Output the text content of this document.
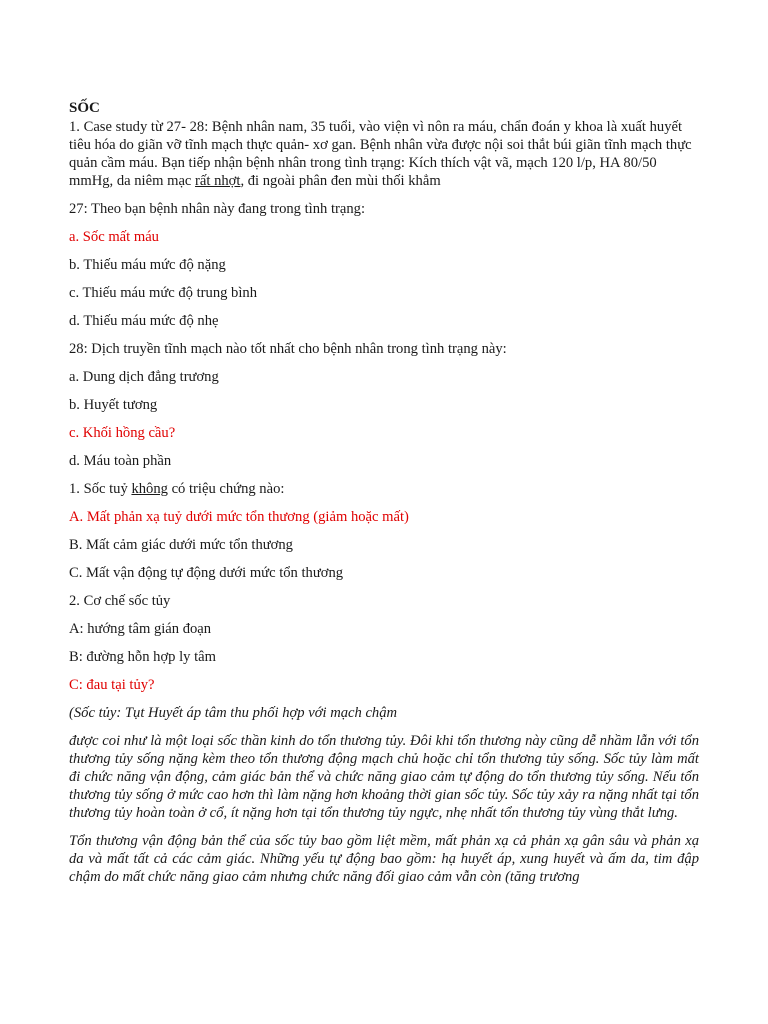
SỐC

1. Case study từ 27- 28: Bệnh nhân nam, 35 tuổi, vào viện vì nôn ra máu, chẩn đoán y khoa là xuất huyết tiêu hóa do giãn vỡ tĩnh mạch thực quản- xơ gan. Bệnh nhân vừa được nội soi thắt búi giãn tĩnh mạch thực quản cầm máu. Bạn tiếp nhận bệnh nhân trong tình trạng: Kích thích vật vã, mạch 120 l/p, HA 80/50 mmHg, da niêm mạc rất nhợt, đi ngoài phân đen mùi thối khẳm

27: Theo bạn bệnh nhân này đang trong tình trạng:

a. Sốc mất máu

b. Thiếu máu mức độ nặng

c. Thiếu máu mức độ trung bình

d. Thiếu máu mức độ nhẹ

28: Dịch truyền tĩnh mạch nào tốt nhất cho bệnh nhân trong tình trạng này:

a. Dung dịch đẳng trương

b. Huyết tương

c. Khối hồng cầu?

d. Máu toàn phần

1. Sốc tuỷ không có triệu chứng nào:

A. Mất phản xạ tuỷ dưới mức tổn thương (giảm hoặc mất)

B. Mất cảm giác dưới mức tổn thương

C. Mất vận động tự động dưới mức tổn thương

2. Cơ chế sốc tủy

A: hướng tâm gián đoạn

B: đường hỗn hợp ly tâm

C: đau tại tủy?

(Sốc tủy: Tụt Huyết áp tâm thu phối hợp với mạch chậm

được coi như là một loại sốc thần kinh do tổn thương tủy. Đôi khi tổn thương này cũng dễ nhầm lẫn với tổn thương tủy sống nặng kèm theo tổn thương động mạch chủ hoặc chỉ tổn thương tủy sống. Sốc tủy làm mất đi chức năng vận động, cảm giác bản thể và chức năng giao cảm tự động do tổn thương tủy sống. Nếu tổn thương tủy sống ở mức cao hơn thì làm nặng hơn khoảng thời gian sốc tủy. Sốc tủy xảy ra nặng nhất tại tổn thương tủy hoàn toàn ở cổ, ít nặng hơn tại tổn thương tủy ngực, nhẹ nhất tổn thương tủy vùng thắt lưng.

Tổn thương vận động bản thể của sốc tủy bao gồm liệt mềm, mất phản xạ cả phản xạ gân sâu và phản xạ da và mất tất cả các cảm giác. Những yếu tự động bao gồm: hạ huyết áp, xung huyết và ấm da, tim đập chậm do mất chức năng giao cảm nhưng chức năng đối giao cảm vẫn còn (tăng trương
